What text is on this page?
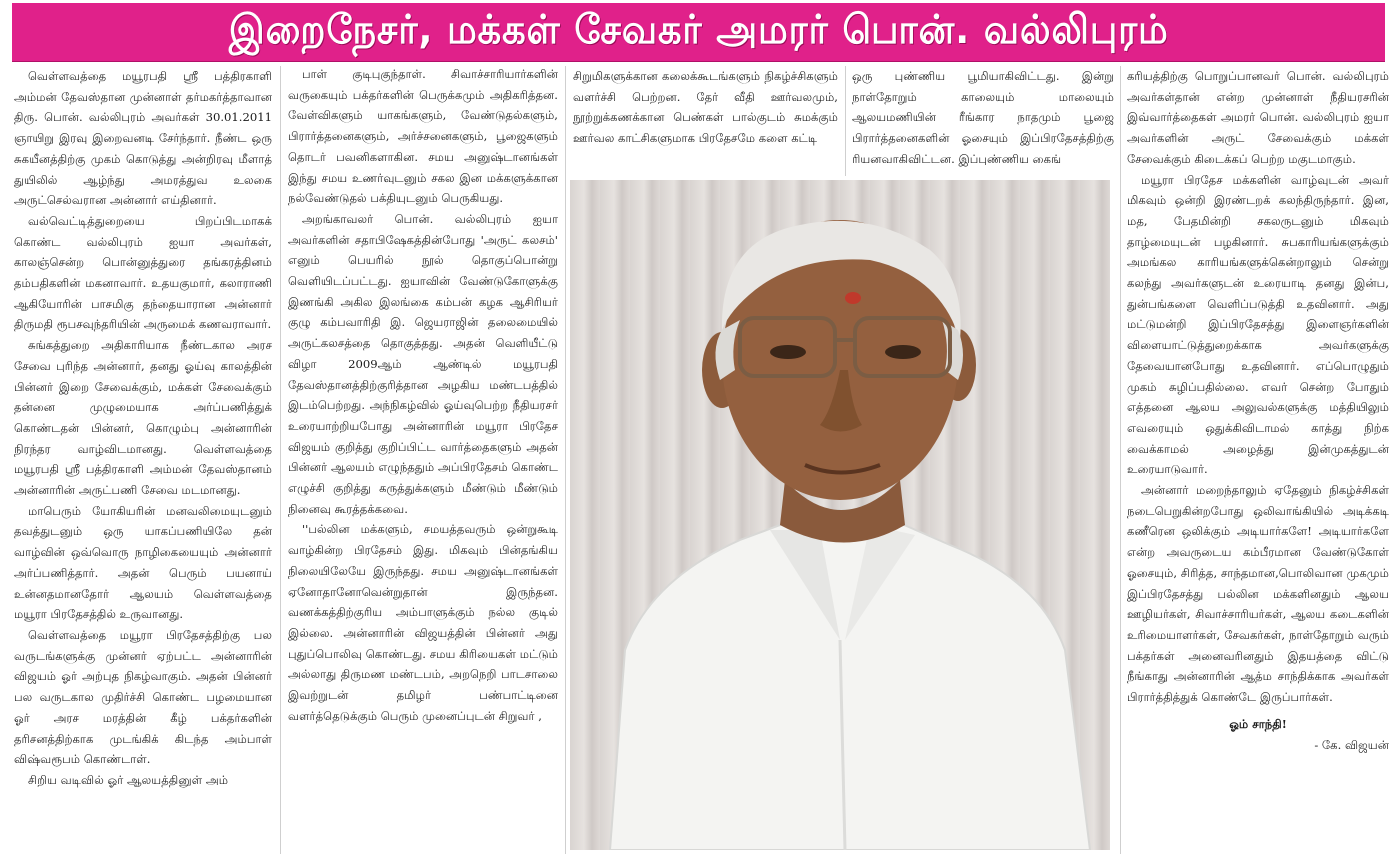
இறைநேசர், மக்கள் சேவகர் அமரர் பொன். வல்லிபுரம்

வெள்ளவத்தை மயூரபதி ஸ்ரீ பத்திரகாளி அம்மன் தேவஸ்தான முன்னாள் தர்மகர்த்தாவான திரு. பொன். வல்லிபுரம் அவர்கள் 30.01.2011 ஞாயிறு இரவு இறைவனடி சேர்ந்தார். நீண்ட ஒரு சுகயீனத்திற்கு முகம் கொடுத்து அன்றிரவு மீளாத் துயிலில் ஆழ்ந்து அமரத்துவ உலகை அருட்செல்வரான அன்னார் எய்தினார்.

வல்வெட்டித்துறையை பிறப்பிடமாகக் கொண்ட வல்லிபுரம் ஐயா அவர்கள், காலஞ்சென்ற பொன்னுத்துரை தங்கரத்தினம் தம்பதிகளின் மகனாவார். உதயகுமார், கலாராணி ஆகியோரின் பாசமிகு தந்தையாரான அன்னார் திருமதி ரூபசவுந்தரியின் அருமைக் கணவராவார்.

சுங்கத்துறை அதிகாரியாக நீண்டகால அரச சேவை புரிந்த அன்னார், தனது ஓய்வு காலத்தின் பின்னர் இறை சேவைக்கும், மக்கள் சேவைக்கும் தன்னை முழுமையாக அர்ப்பணித்துக் கொண்டதன் பின்னர், கொழும்பு அன்னாரின் நிரந்தர வாழ்விடமானது. வெள்ளவத்தை மயூரபதி ஸ்ரீ பத்திரகாளி அம்மன் தேவஸ்தானம் அன்னாரின் அருட்பணி சேவை மடமானது.

மாபெரும் யோகியரின் மனவலிமையுடனும் தவத்துடனும் ஒரு யாகப்பணியிலே தன் வாழ்வின் ஒவ்வொரு நாழிகையையும் அன்னார் அர்ப்பணித்தார். அதன் பெரும் பயனாய் உன்னதமானதோர் ஆலயம் வெள்ளவத்தை மயூரா பிரதேசத்தில் உருவானது.

வெள்ளவத்தை மயூரா பிரதேசத்திற்கு பல வருடங்களுக்கு முன்னர் ஏற்பட்ட அன்னாரின் விஜயம் ஓர் அற்புத நிகழ்வாகும். அதன் பின்னர் பல வருடகால முதிர்ச்சி கொண்ட பழமையான ஓர் அரச மரத்தின் கீழ் பக்தர்களின் தரிசனத்திற்காக முடங்கிக் கிடந்த அம்பாள் விஷ்வரூபம் கொண்டாள்.

சிறிய வடிவில் ஓர் ஆலயத்தினுள் அம்

பாள் குடிபுகுந்தாள். சிவாச்சாரியார்களின் வருகையும் பக்தர்களின் பெருக்கமும் அதிகரித்தன. வேள்விகளும் யாகங்களும், வேண்டுதல்களும், பிரார்த்தனைகளும், அர்ச்சனைகளும், பூஜைகளும் தொடர் பவனிகளாகின. சமய அனுஷ்டானங்கள் இந்து சமய உணர்வுடனும் சகல இன மக்களுக்கான நல்வேண்டுதல் பக்தியுடனும் பெருகியது.

அறங்காவலர் பொன். வல்லிபுரம் ஐயா அவர்களின் சதாபிஷேகத்தின்போது 'அருட் கலசம்' எனும் பெயரில் நூல் தொகுப்பொன்று வெளியிடப்பட்டது. ஐயாவின் வேண்டுகோளுக்கு இணங்கி அகில இலங்கை கம்பன் கழக ஆசிரியர் குழு கம்பவாரிதி இ. ஜெயராஜின் தலைமையில் அருட்கலசத்தை தொகுத்தது. அதன் வெளியீட்டு விழா 2009ஆம் ஆண்டில் மயூரபதி தேவஸ்தானத்திற்குரித்தான அழகிய மண்டபத்தில் இடம்பெற்றது. அந்நிகழ்வில் ஓய்வுபெற்ற நீதியரசர் உரையாற்றியபோது அன்னாரின் மயூரா பிரதேச விஜயம் குறித்து குறிப்பிட்ட வார்த்தைகளும் அதன் பின்னர் ஆலயம் எழுந்ததும் அப்பிரதேசம் கொண்ட எழுச்சி குறித்து கருத்துக்களும் மீண்டும் மீண்டும் நினைவு கூரத்தக்கவை.

''பல்லின மக்களும், சமயத்தவரும் ஒன்றுகூடி வாழ்கின்ற பிரதேசம் இது. மிகவும் பின்தங்கிய நிலையிலேயே இருந்தது. சமய அனுஷ்டானங்கள் ஏனோதானோவென்றுதான் இருந்தன. வணக்கத்திற்குரிய அம்பாளுக்கும் நல்ல குடில் இல்லை. அன்னாரின் விஜயத்தின் பின்னர் அது புதுப்பொலிவு கொண்டது. சமய கிரியைகள் மட்டும் அல்லாது திருமண மண்டபம், அறநெறி பாடசாலை இவற்றுடன் தமிழர் பண்பாட்டினை வளர்த்தெடுக்கும் பெரும் முனைப்புடன் சிறுவர் ,

சிறுமிகளுக்கான கலைக்கூடங்களும் நிகழ்ச்சிகளும் வளர்ச்சி பெற்றன. தேர் வீதி ஊர்வலமும், நூற்றுக்கணக்கான பெண்கள் பால்குடம் சுமக்கும் ஊர்வல காட்சிகளுமாக பிரதேசமே களை கட்டி

ஒரு புண்ணிய பூமியாகிவிட்டது. இன்று நாள்தோறும் காலையும் மாலையும் ஆலயமணியின் ரீங்கார நாதமும் பூஜை பிரார்த்தனைகளின் ஓசையும் இப்பிரதேசத்திற்கு ரியனவாகிவிட்டன. இப்புண்ணிய கைங்

கரியத்திற்கு பொறுப்பானவர் பொன். வல்லிபுரம் அவர்கள்தான் என்ற முன்னாள் நீதியரசரின் இவ்வார்த்தைகள் அமரர் பொன். வல்லிபுரம் ஐயா அவர்களின் அருட் சேவைக்கும் மக்கள் சேவைக்கும் கிடைக்கப் பெற்ற மகுடமாகும்.

மயூரா பிரதேச மக்களின் வாழ்வுடன் அவர் மிகவும் ஒன்றி இரண்டறக் கலந்திருந்தார். இன, மத, பேதமின்றி சகலருடனும் மிகவும் தாழ்மையுடன் பழகினார். சுபகாரியங்களுக்கும் அமங்கல காரியங்களுக்கென்றாலும் சென்று கலந்து அவர்களுடன் உரையாடி தனது இன்ப, துன்பங்களை வெளிப்படுத்தி உதவினார். அது மட்டுமன்றி இப்பிரதேசத்து இளைஞர்களின் விளையாட்டுத்துறைக்காக அவர்களுக்கு தேவையானபோது உதவினார். எப்பொழுதும் முகம் சுழிப்பதில்லை. எவர் சென்ற போதும் எத்தனை ஆலய அலுவல்களுக்கு மத்தியிலும் எவரையும் ஒதுக்கிவிடாமல் காத்து நிற்க வைக்காமல் அழைத்து இன்முகத்துடன் உரையாடுவார்.

அன்னார் மறைந்தாலும் ஏதேனும் நிகழ்ச்சிகள் நடைபெறுகின்றபோது ஒலிவாங்கியில் அடிக்கடி கணீரென ஒலிக்கும் அடியார்களே! அடியார்களே என்ற அவருடைய கம்பீரமான வேண்டுகோள் ஓசையும், சிரித்த, சாந்தமான,பொலிவான முகமும் இப்பிரதேசத்து பல்லின மக்களினதும் ஆலய ஊழியர்கள், சிவாச்சாரியர்கள், ஆலய கடைகளின் உரிமையாளர்கள், சேவகர்கள், நாள்தோறும் வரும் பக்தர்கள் அனைவரினதும் இதயத்தை விட்டு நீங்காது அன்னாரின் ஆத்ம சாந்திக்காக அவர்கள் பிரார்த்தித்துக் கொண்டே இருப்பார்கள்.

ஓம் சாந்தி!

- கே. விஜயன்
